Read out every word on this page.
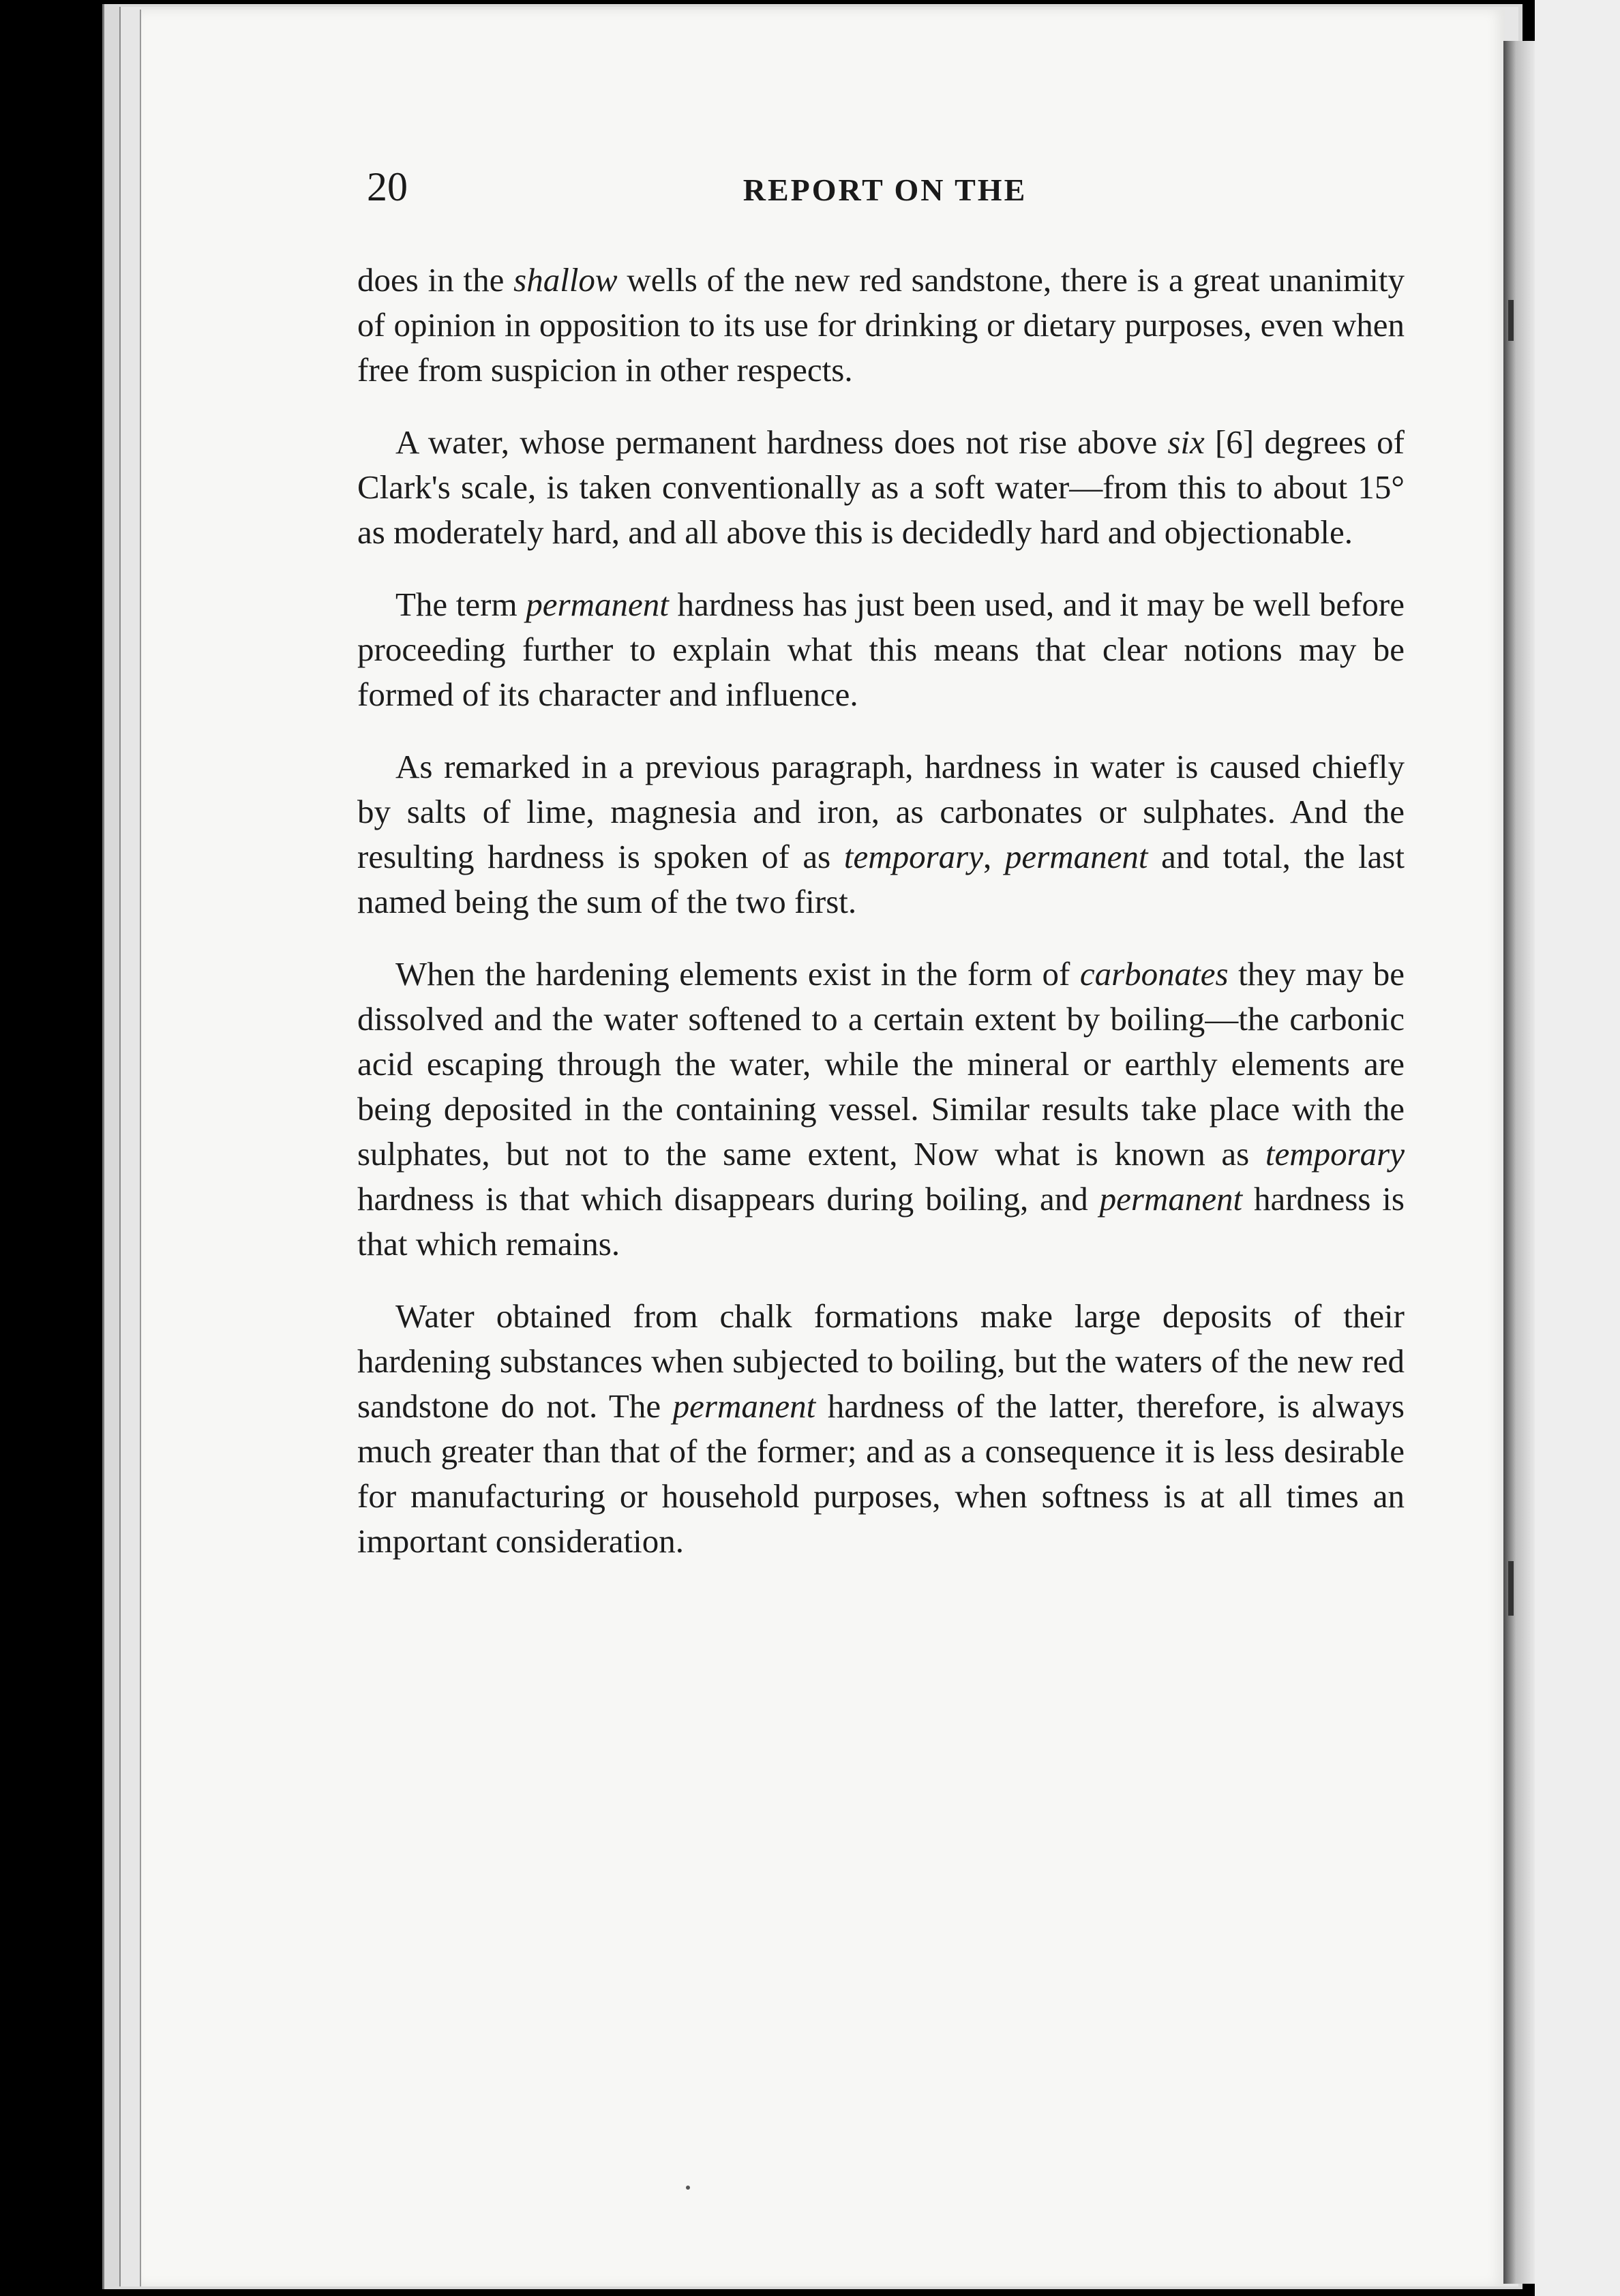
20	REPORT ON THE

does in the shallow wells of the new red sandstone, there is a great unanimity of opinion in opposition to its use for drinking or dietary purposes, even when free from suspicion in other respects.

A water, whose permanent hardness does not rise above six [6] degrees of Clark's scale, is taken conventionally as a soft water—from this to about 15° as moderately hard, and all above this is decidedly hard and objectionable.

The term permanent hardness has just been used, and it may be well before proceeding further to explain what this means that clear notions may be formed of its character and influence.

As remarked in a previous paragraph, hardness in water is caused chiefly by salts of lime, magnesia and iron, as carbonates or sulphates. And the resulting hardness is spoken of as temporary, permanent and total, the last named being the sum of the two first.

When the hardening elements exist in the form of carbonates they may be dissolved and the water softened to a certain extent by boiling—the carbonic acid escaping through the water, while the mineral or earthly elements are being deposited in the containing vessel. Similar results take place with the sulphates, but not to the same extent, Now what is known as temporary hardness is that which disappears during boiling, and permanent hardness is that which remains.

Water obtained from chalk formations make large deposits of their hardening substances when subjected to boiling, but the waters of the new red sandstone do not. The permanent hardness of the latter, therefore, is always much greater than that of the former; and as a consequence it is less desirable for manufacturing or household purposes, when softness is at all times an important consideration.
